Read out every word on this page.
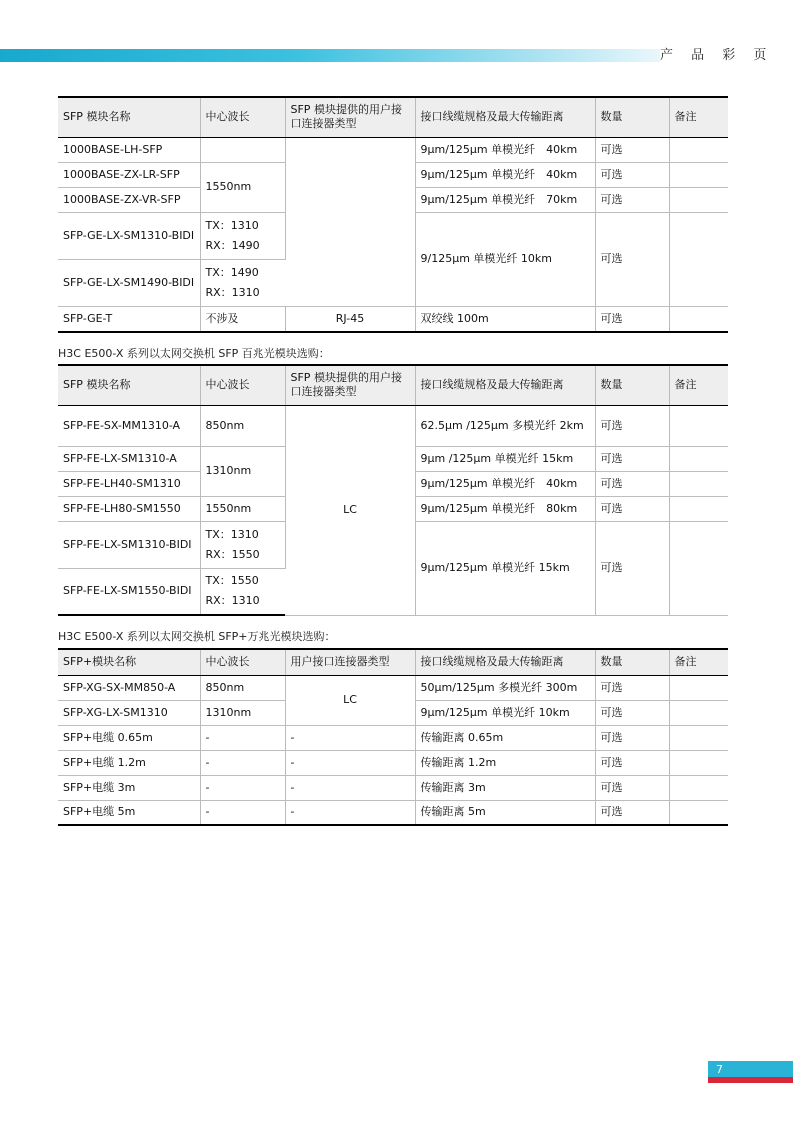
产 品 彩 页
SFP 模块名称	中心波长	SFP 模块提供的用户接口连接器类型	接口线缆规格及最大传输距离	数量	备注
1000BASE-LH-SFP			9μm/125μm 单模光纤　40km	可选	
1000BASE-ZX-LR-SFP	1550nm		9μm/125μm 单模光纤　40km	可选	
1000BASE-ZX-VR-SFP			9μm/125μm 单模光纤　70km	可选	
SFP-GE-LX-SM1310-BIDI	TX：1310
RX：1490		9/125μm 单模光纤 10km	可选	
SFP-GE-LX-SM1490-BIDI	TX：1490
RX：1310				

SFP-GE-T	不涉及	RJ-45	双绞线 100m	可选	
H3C E500-X 系列以太网交换机 SFP 百兆光模块选购：
SFP 模块名称	中心波长	SFP 模块提供的用户接口连接器类型	接口线缆规格及最大传输距离	数量	备注
SFP-FE-SX-MM1310-A	850nm	LC	62.5μm /125μm 多模光纤 2km	可选	
SFP-FE-LX-SM1310-A	1310nm		9μm /125μm 单模光纤 15km	可选	
SFP-FE-LH40-SM1310			9μm/125μm 单模光纤　40km	可选	
SFP-FE-LH80-SM1550	1550nm		9μm/125μm 单模光纤　80km	可选	
SFP-FE-LX-SM1310-BIDI	TX：1310
RX：1550		9μm/125μm 单模光纤 15km	可选	
SFP-FE-LX-SM1550-BIDI	TX：1550
RX：1310				
H3C E500-X 系列以太网交换机 SFP+万兆光模块选购：
SFP+模块名称	中心波长	用户接口连接器类型	接口线缆规格及最大传输距离	数量	备注
SFP-XG-SX-MM850-A	850nm	LC	50μm/125μm 多模光纤 300m	可选	
SFP-XG-LX-SM1310	1310nm		9μm/125μm 单模光纤 10km	可选	
SFP+电缆 0.65m	-	-	传输距离 0.65m	可选	
SFP+电缆 1.2m	-	-	传输距离 1.2m	可选	
SFP+电缆 3m	-	-	传输距离 3m	可选	
SFP+电缆 5m	-	-	传输距离 5m	可选	
7
